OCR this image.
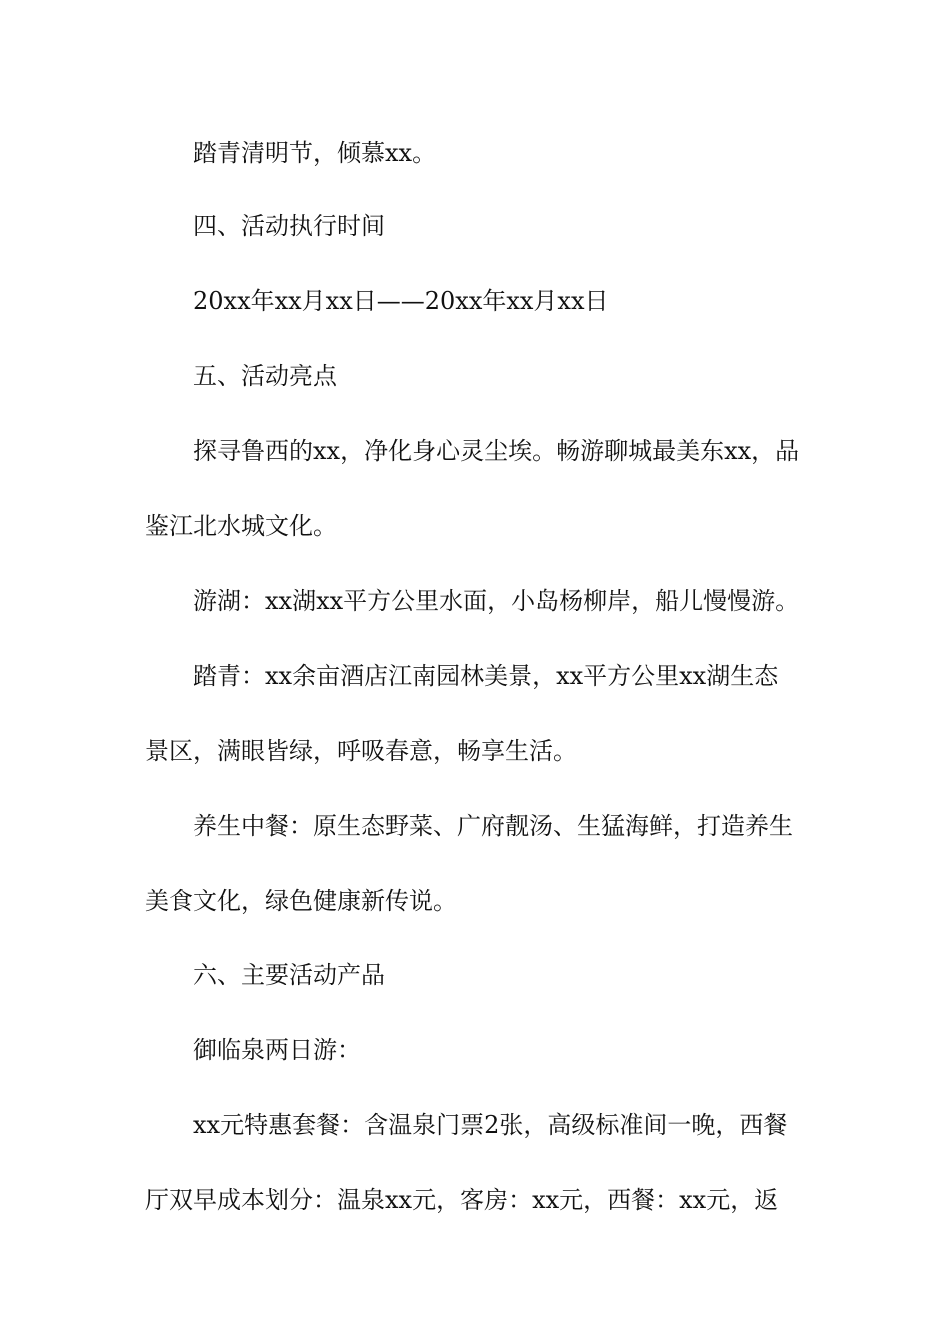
踏青清明节，倾慕xx。
四、活动执行时间
20xx年xx月xx日——20xx年xx月xx日
五、活动亮点
探寻鲁西的xx，净化身心灵尘埃。畅游聊城最美东xx，品
鉴江北水城文化。
游湖：xx湖xx平方公里水面，小岛杨柳岸，船儿慢慢游。
踏青：xx余亩酒店江南园林美景，xx平方公里xx湖生态
景区，满眼皆绿，呼吸春意，畅享生活。
养生中餐：原生态野菜、广府靓汤、生猛海鲜，打造养生
美食文化，绿色健康新传说。
六、主要活动产品
御临泉两日游：
xx元特惠套餐：含温泉门票2张，高级标准间一晚，西餐
厅双早成本划分：温泉xx元，客房：xx元，西餐：xx元，返
